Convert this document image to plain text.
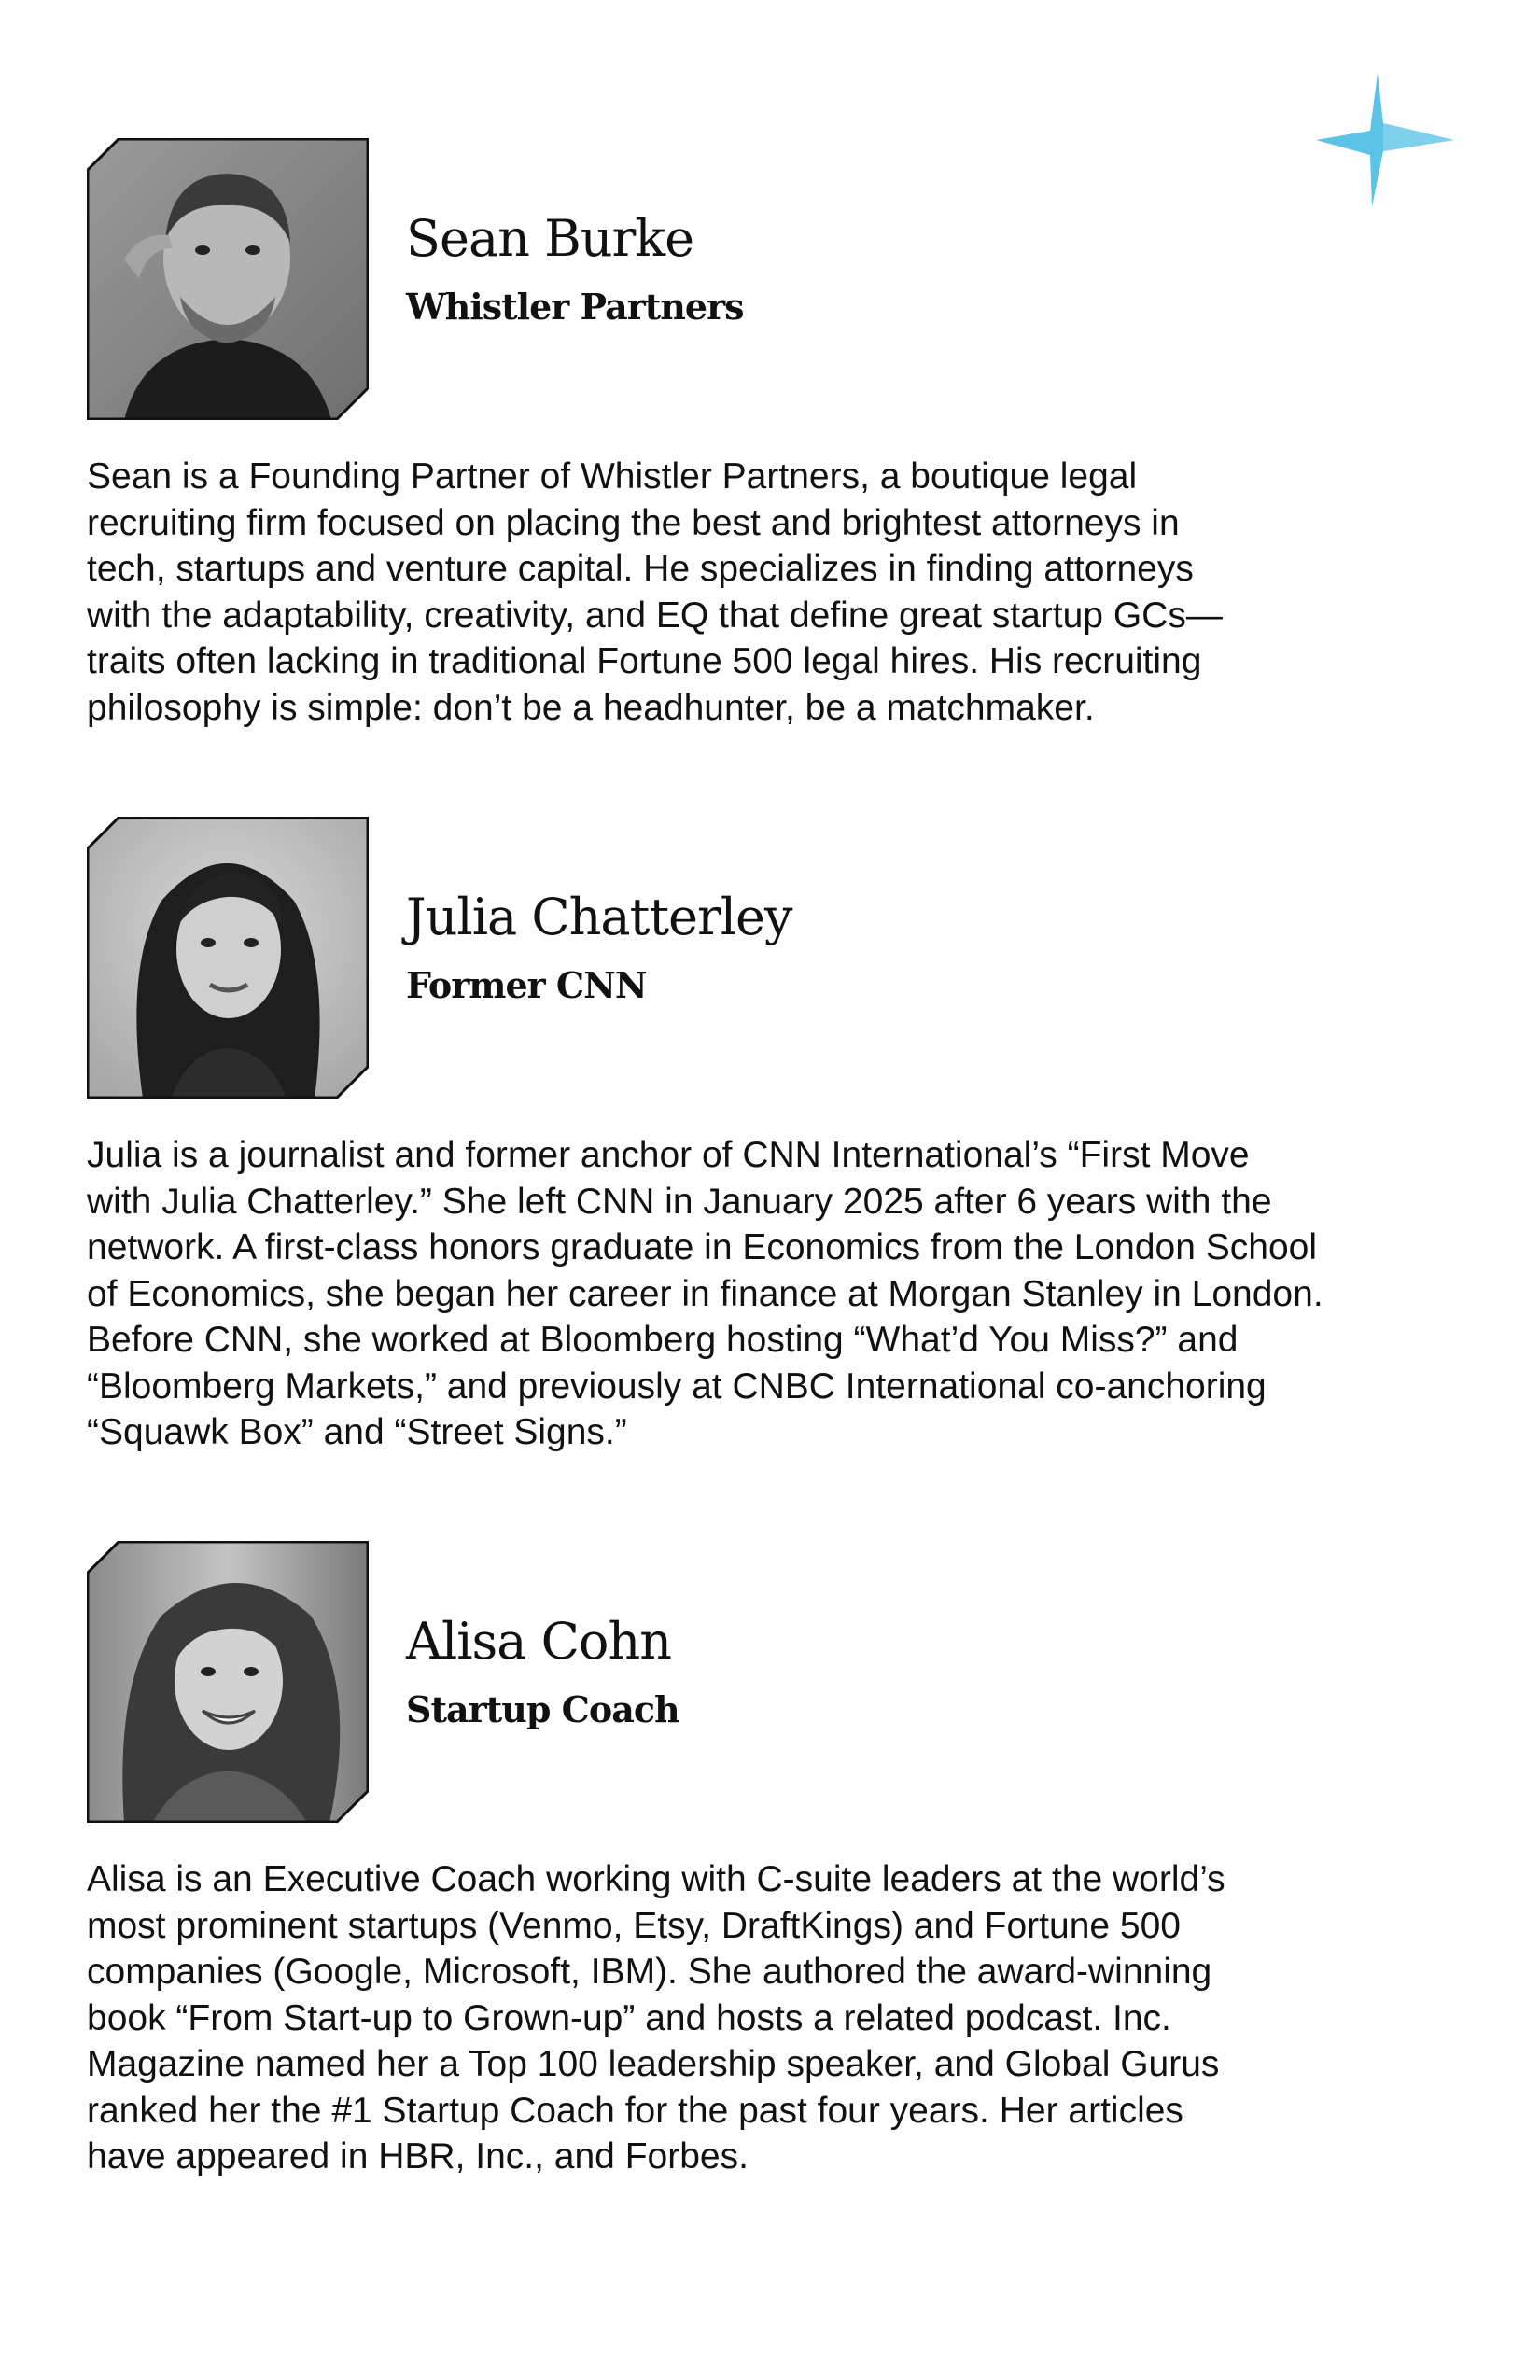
Sean Burke
Whistler Partners

Sean is a Founding Partner of Whistler Partners, a boutique legal
recruiting firm focused on placing the best and brightest attorneys in
tech, startups and venture capital. He specializes in finding attorneys
with the adaptability, creativity, and EQ that define great startup GCs—
traits often lacking in traditional Fortune 500 legal hires. His recruiting
philosophy is simple: don’t be a headhunter, be a matchmaker.

Julia Chatterley
Former CNN

Julia is a journalist and former anchor of CNN International’s “First Move
with Julia Chatterley.” She left CNN in January 2025 after 6 years with the
network. A first-class honors graduate in Economics from the London School
of Economics, she began her career in finance at Morgan Stanley in London.
Before CNN, she worked at Bloomberg hosting “What’d You Miss?” and
“Bloomberg Markets,” and previously at CNBC International co-anchoring
“Squawk Box” and “Street Signs.”

Alisa Cohn
Startup Coach

Alisa is an Executive Coach working with C-suite leaders at the world’s
most prominent startups (Venmo, Etsy, DraftKings) and Fortune 500
companies (Google, Microsoft, IBM). She authored the award-winning
book “From Start-up to Grown-up” and hosts a related podcast. Inc.
Magazine named her a Top 100 leadership speaker, and Global Gurus
ranked her the #1 Startup Coach for the past four years. Her articles
have appeared in HBR, Inc., and Forbes.
